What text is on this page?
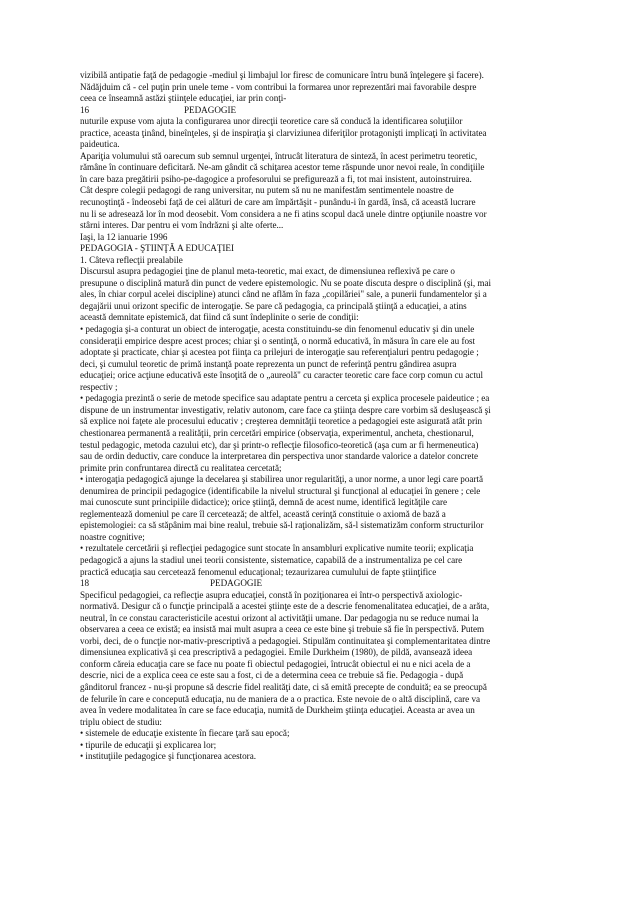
vizibilă antipatie faţă de pedagogie -mediul şi limbajul lor firesc de comunicare întru bună înţelegere şi facere).
Nădăjduim că - cel puţin prin unele teme - vom contribui la formarea unor reprezentări mai favorabile despre
ceea ce înseamnă astăzi ştiinţele educaţiei, iar prin conţi-
16	PEDAGOGIE
nuturile expuse vom ajuta la configurarea unor direcţii teoretice care să conducă la identificarea soluţiilor
practice, aceasta ţinând, bineînţeles, şi de inspiraţia şi clarviziunea diferiţilor protagonişti implicaţi în activitatea
paideutica.
Apariţia volumului stă oarecum sub semnul urgenţei, întrucât literatura de sinteză, în acest perimetru teoretic,
rămâne în continuare deficitară. Ne-am gândit că schiţarea acestor teme răspunde unor nevoi reale, în condiţiile
în care baza pregătirii psiho-pe-dagogice a profesorului se prefigurează a fi, tot mai insistent, autoinstruirea.
Cât despre colegii pedagogi de rang universitar, nu putem să nu ne manifestăm sentimentele noastre de
recunoştinţă - îndeosebi faţă de cei alături de care am împărtăşit - punându-i în gardă, însă, că această lucrare
nu li se adresează lor în mod deosebit. Vom considera a ne fi atins scopul dacă unele dintre opţiunile noastre vor
stârni interes. Dar pentru ei vom îndrăzni şi alte oferte...
Iaşi, la 12 ianuarie 1996
PEDAGOGIA - ŞTIINŢĂ A EDUCAŢIEI
1. Câteva reflecţii prealabile
Discursul asupra pedagogiei ţine de planul meta-teoretic, mai exact, de dimensiunea reflexivă pe care o
presupune o disciplină matură din punct de vedere epistemologic. Nu se poate discuta despre o disciplină (şi, mai
ales, în chiar corpul acelei discipline) atunci când ne aflăm în faza „copilăriei" sale, a punerii fundamentelor şi a
degajării unui orizont specific de interogaţie. Se pare că pedagogia, ca principală ştiinţă a educaţiei, a atins
această demnitate epistemică, dat fiind că sunt îndeplinite o serie de condiţii:
• pedagogia şi-a conturat un obiect de interogaţie, acesta constituindu-se din fenomenul educativ şi din unele
consideraţii empirice despre acest proces; chiar şi o sentinţă, o normă educativă, în măsura în care ele au fost
adoptate şi practicate, chiar şi acestea pot fiinţa ca prilejuri de interogaţie sau referenţialuri pentru pedagogie ;
deci, şi cumulul teoretic de primă instanţă poate reprezenta un punct de referinţă pentru gândirea asupra
educaţiei; orice acţiune educativă este însoţită de o „aureolă" cu caracter teoretic care face corp comun cu actul
respectiv ;
• pedagogia prezintă o serie de metode specifice sau adaptate pentru a cerceta şi explica procesele paideutice ; ea
dispune de un instrumentar investigativ, relativ autonom, care face ca ştiinţa despre care vorbim să desluşească şi
să explice noi faţete ale procesului educativ ; creşterea demnităţii teoretice a pedagogiei este asigurată atât prin
chestionarea permanentă a realităţii, prin cercetări empirice (observaţia, experimentul, ancheta, chestionarul,
testul pedagogic, metoda cazului etc), dar şi printr-o reflecţie filosofico-teoretică (aşa cum ar fi hermeneutica)
sau de ordin deductiv, care conduce la interpretarea din perspectiva unor standarde valorice a datelor concrete
primite prin confruntarea directă cu realitatea cercetată;
• interogaţia pedagogică ajunge la decelarea şi stabilirea unor regularităţi, a unor norme, a unor legi care poartă
denumirea de principii pedagogice (identificabile la nivelul structural şi funcţional al educaţiei în genere ; cele
mai cunoscute sunt principiile didactice); orice ştiinţă, demnă de acest nume, identifică legităţile care
reglementează domeniul pe care îl cercetează; de altfel, această cerinţă constituie o axiomă de bază a
epistemologiei: ca să stăpânim mai bine realul, trebuie să-l raţionalizăm, să-l sistematizăm conform structurilor
noastre cognitive;
• rezultatele cercetării şi reflecţiei pedagogice sunt stocate în ansambluri explicative numite teorii; explicaţia
pedagogică a ajuns la stadiul unei teorii consistente, sistematice, capabilă de a instrumentaliza pe cel care
practică educaţia sau cercetează fenomenul educaţional; tezaurizarea cumulului de fapte ştiinţifice
18	PEDAGOGIE
Specificul pedagogiei, ca reflecţie asupra educaţiei, constă în poziţionarea ei într-o perspectivă axiologic-
normativă. Desigur că o funcţie principală a acestei ştiinţe este de a descrie fenomenalitatea educaţiei, de a arăta,
neutral, în ce constau caracteristicile acestui orizont al activităţii umane. Dar pedagogia nu se reduce numai la
observarea a ceea ce există; ea insistă mai mult asupra a ceea ce este bine şi trebuie să fie în perspectivă. Putem
vorbi, deci, de o funcţie nor-mativ-prescriptivă a pedagogiei. Stipulăm continuitatea şi complementaritatea dintre
dimensiunea explicativă şi cea prescriptivă a pedagogiei. Emile Durkheim (1980), de pildă, avansează ideea
conform căreia educaţia care se face nu poate fi obiectul pedagogiei, întrucât obiectul ei nu e nici acela de a
descrie, nici de a explica ceea ce este sau a fost, ci de a determina ceea ce trebuie să fie. Pedagogia - după
gânditorul francez - nu-şi propune să descrie fidel realităţi date, ci să emită precepte de conduită; ea se preocupă
de felurile în care e concepută educaţia, nu de maniera de a o practica. Este nevoie de o altă disciplină, care va
avea în vedere modalitatea în care se face educaţia, numită de Durkheim ştiinţa educaţiei. Aceasta ar avea un
triplu obiect de studiu:
• sistemele de educaţie existente în fiecare ţară sau epocă;
• tipurile de educaţii şi explicarea lor;
• instituţiile pedagogice şi funcţionarea acestora.
